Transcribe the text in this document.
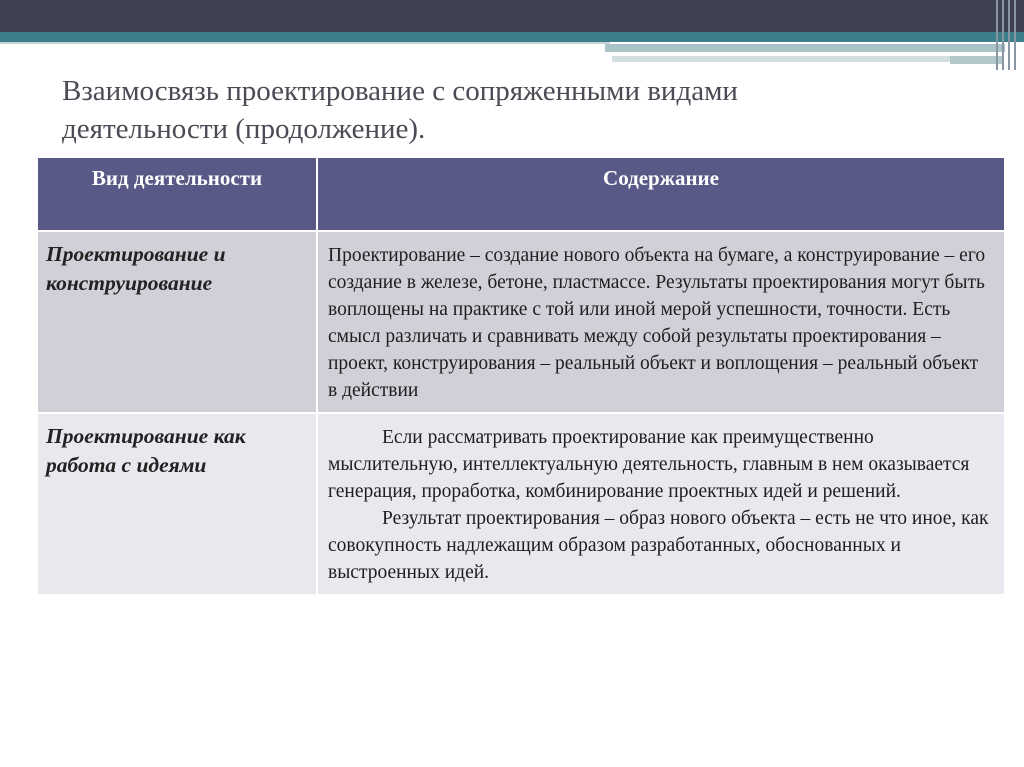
Взаимосвязь проектирование с сопряженными видами деятельности (продолжение).
Вид деятельности	Содержание
Проектирование и конструирование	Проектирование – создание нового объекта на бумаге, а конструирование – его создание в железе, бетоне, пластмассе. Результаты проектирования могут быть воплощены на практике с той или иной мерой успешности, точности. Есть смысл различать и сравнивать между собой результаты проектирования – проект, конструирования – реальный объект и воплощения – реальный объект в действии

Проектирование как работа с идеями	Если рассматривать проектирование как преимущественно мыслительную, интеллектуальную деятельность, главным в нем оказывается генерация, проработка, комбинирование проектных идей и решений.

Результат проектирования – образ нового объекта – есть не что иное, как совокупность надлежащим образом разработанных, обоснованных и выстроенных идей.
